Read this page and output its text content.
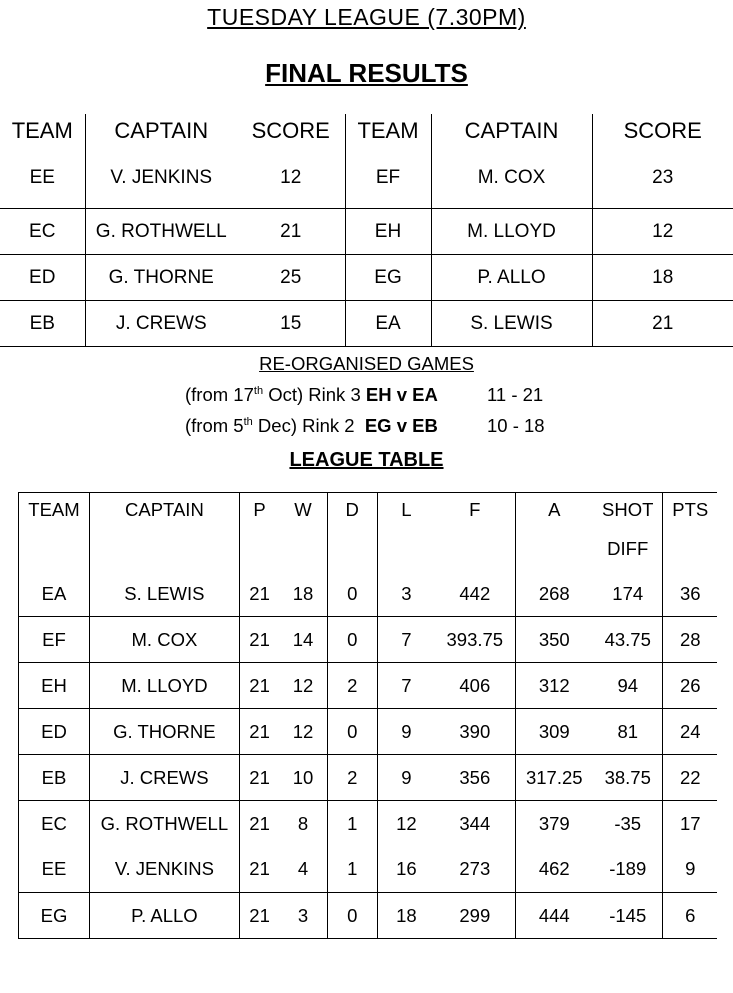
TUESDAY LEAGUE (7.30PM)
FINAL RESULTS
TEAM	CAPTAIN	SCORE	TEAM	CAPTAIN	SCORE
EE	V. JENKINS	12	EF	M. COX	23
EC	G. ROTHWELL	21	EH	M. LLOYD	12
ED	G. THORNE	25	EG	P. ALLO	18
EB	J. CREWS	15	EA	S. LEWIS	21
RE-ORGANISED GAMES
(from 17th Oct) Rink 3 EH v EA	11 - 21
(from 5th Dec) Rink 2  EG v EB	10 - 18
LEAGUE TABLE
TEAM	CAPTAIN	P	W	D	L	F	A	SHOT	PTS
								DIFF	
EA	S. LEWIS	21	18	0	3	442	268	174	36
EF	M. COX	21	14	0	7	393.75	350	43.75	28
EH	M. LLOYD	21	12	2	7	406	312	94	26
ED	G. THORNE	21	12	0	9	390	309	81	24
EB	J. CREWS	21	10	2	9	356	317.25	38.75	22
EC	G. ROTHWELL	21	8	1	12	344	379	-35	17
EE	V. JENKINS	21	4	1	16	273	462	-189	9
EG	P. ALLO	21	3	0	18	299	444	-145	6
